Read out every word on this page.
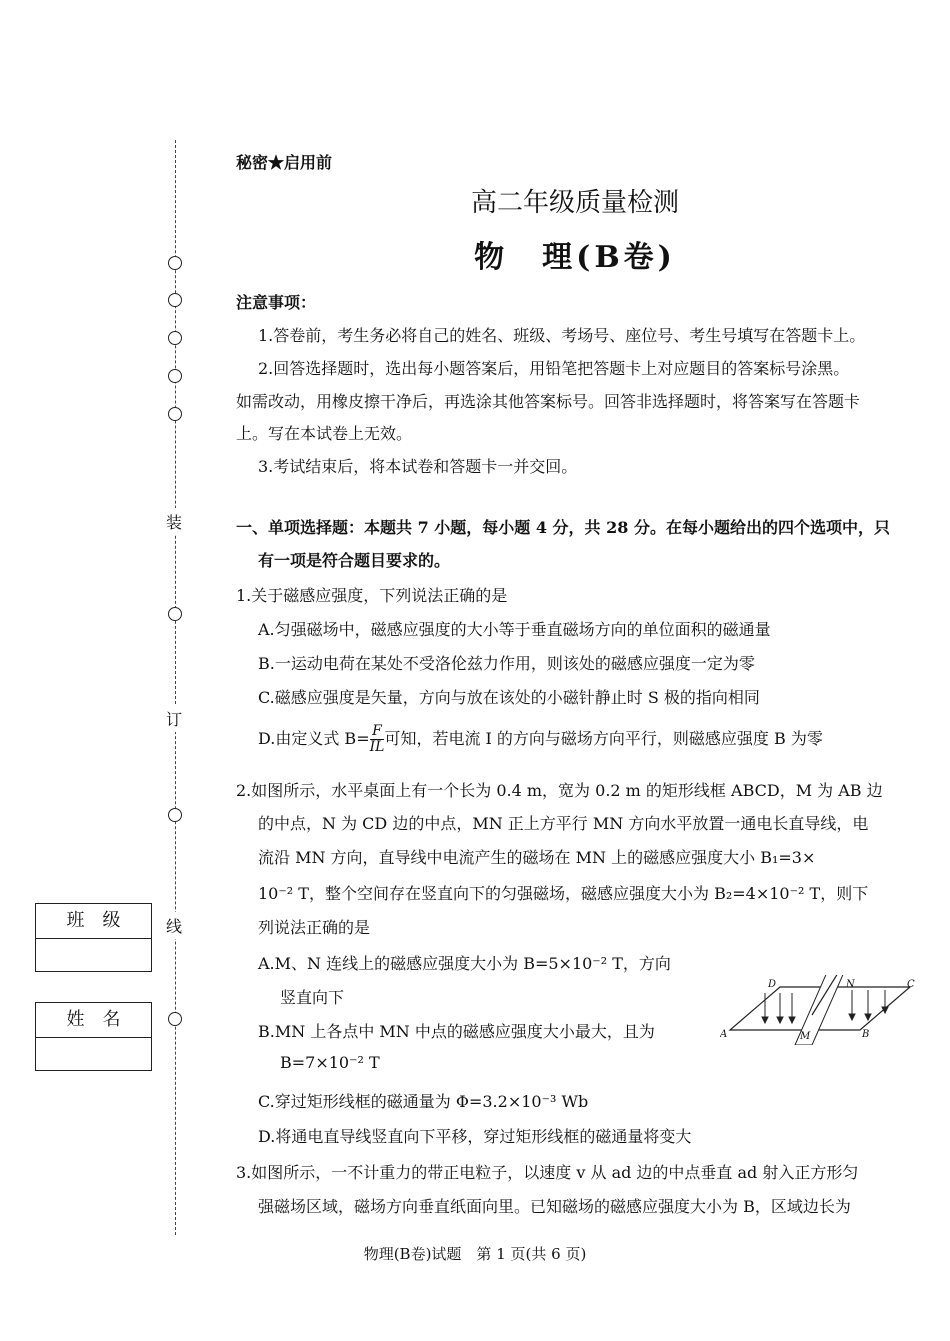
装
订
线
班　级
姓　名
秘密★启用前
高二年级质量检测
物　理(B卷)
注意事项：
1.答卷前，考生务必将自己的姓名、班级、考场号、座位号、考生号填写在答题卡上。
2.回答选择题时，选出每小题答案后，用铅笔把答题卡上对应题目的答案标号涂黑。
如需改动，用橡皮擦干净后，再选涂其他答案标号。回答非选择题时，将答案写在答题卡
上。写在本试卷上无效。
3.考试结束后，将本试卷和答题卡一并交回。
一、单项选择题：本题共 7 小题，每小题 4 分，共 28 分。在每小题给出的四个选项中，只
有一项是符合题目要求的。
1.关于磁感应强度，下列说法正确的是
A.匀强磁场中，磁感应强度的大小等于垂直磁场方向的单位面积的磁通量
B.一运动电荷在某处不受洛伦兹力作用，则该处的磁感应强度一定为零
C.磁感应强度是矢量，方向与放在该处的小磁针静止时 S 极的指向相同
D.由定义式 $B= \frac{F}{IL}$ 可知，若电流 I 的方向与磁场方向平行，则磁感应强度 B 为零
2.如图所示，水平桌面上有一个长为 0.4 m，宽为 0.2 m 的矩形线框 ABCD，M 为 AB 边
的中点，N 为 CD 边的中点，MN 正上方平行 MN 方向水平放置一通电长直导线，电
流沿 MN 方向，直导线中电流产生的磁场在 MN 上的磁感应强度大小 B₁=3×
10⁻² T，整个空间存在竖直向下的匀强磁场，磁感应强度大小为 B₂=4×10⁻² T，则下
列说法正确的是
A.M、N 连线上的磁感应强度大小为 B=5×10⁻² T，方向
竖直向下
B.MN 上各点中 MN 中点的磁感应强度大小最大，且为
B=7×10⁻² T
C.穿过矩形线框的磁通量为 Φ=3.2×10⁻³ Wb
D.将通电直导线竖直向下平移，穿过矩形线框的磁通量将变大
A	B
C
D
M
N
3.如图所示，一不计重力的带正电粒子，以速度 v 从 ad 边的中点垂直 ad 射入正方形匀
强磁场区域，磁场方向垂直纸面向里。已知磁场的磁感应强度大小为 B，区域边长为
物理(B卷)试题　第 1 页(共 6 页)
